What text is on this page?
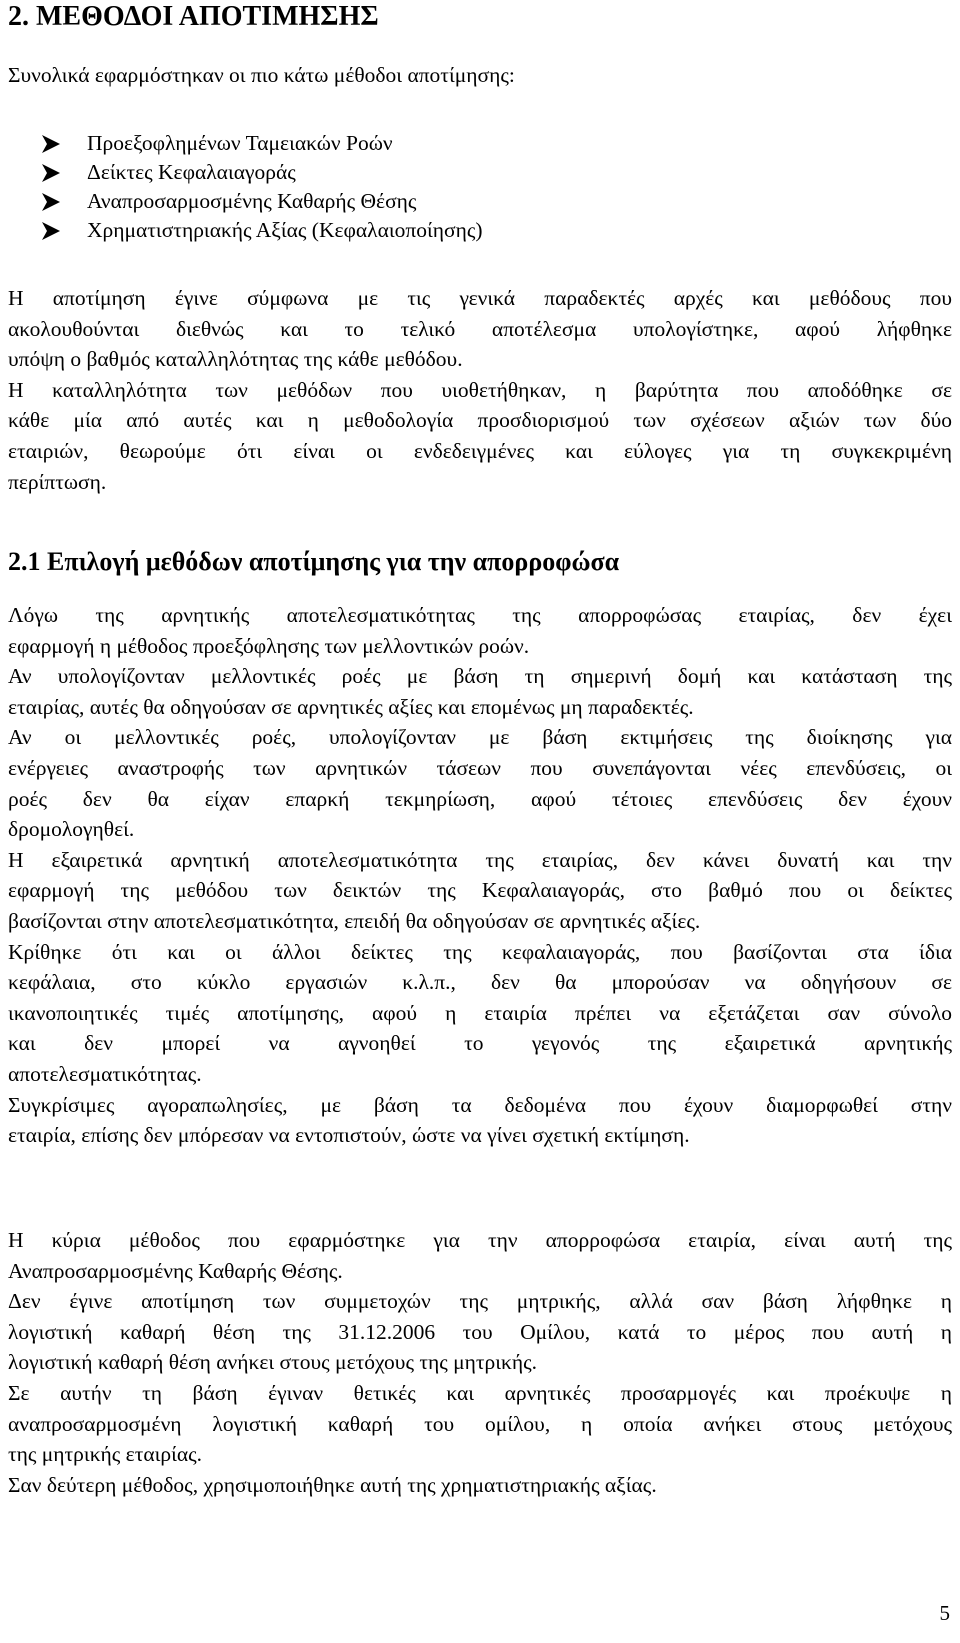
2. ΜΕΘΟΔΟΙ ΑΠΟΤΙΜΗΣΗΣ
Συνολικά εφαρμόστηκαν οι πιο κάτω μέθοδοι αποτίμησης:
Προεξοφλημένων Ταμειακών Ροών
Δείκτες Κεφαλαιαγοράς
Αναπροσαρμοσμένης Καθαρής Θέσης
Χρηματιστηριακής Αξίας (Κεφαλαιοποίησης)
Η αποτίμηση έγινε σύμφωνα με τις γενικά παραδεκτές αρχές και μεθόδους που
ακολουθούνται διεθνώς και το τελικό αποτέλεσμα υπολογίστηκε, αφού λήφθηκε
υπόψη ο βαθμός καταλληλότητας της κάθε μεθόδου.
Η καταλληλότητα των μεθόδων που υιοθετήθηκαν, η βαρύτητα που αποδόθηκε σε
κάθε μία από αυτές και η μεθοδολογία προσδιορισμού των σχέσεων αξιών των δύο
εταιριών, θεωρούμε ότι είναι οι ενδεδειγμένες και εύλογες για τη συγκεκριμένη
περίπτωση.
2.1 Επιλογή μεθόδων αποτίμησης για την απορροφώσα
Λόγω της αρνητικής αποτελεσματικότητας της απορροφώσας εταιρίας, δεν έχει
εφαρμογή η μέθοδος προεξόφλησης των μελλοντικών ροών.
Αν υπολογίζονταν μελλοντικές ροές με βάση τη σημερινή δομή και κατάσταση της
εταιρίας, αυτές θα οδηγούσαν σε αρνητικές αξίες και επομένως μη παραδεκτές.
Αν οι μελλοντικές ροές, υπολογίζονταν με βάση εκτιμήσεις της διοίκησης για
ενέργειες αναστροφής των αρνητικών τάσεων που συνεπάγονται νέες επενδύσεις, οι
ροές δεν θα είχαν επαρκή τεκμηρίωση, αφού τέτοιες επενδύσεις δεν έχουν
δρομολογηθεί.
Η εξαιρετικά αρνητική αποτελεσματικότητα της εταιρίας, δεν κάνει δυνατή και την
εφαρμογή της μεθόδου των δεικτών της Κεφαλαιαγοράς, στο βαθμό που οι δείκτες
βασίζονται στην αποτελεσματικότητα, επειδή θα οδηγούσαν σε αρνητικές αξίες.
Κρίθηκε ότι και οι άλλοι δείκτες της κεφαλαιαγοράς, που βασίζονται στα ίδια
κεφάλαια, στο κύκλο εργασιών κ.λ.π., δεν θα μπορούσαν να οδηγήσουν σε
ικανοποιητικές τιμές αποτίμησης, αφού η εταιρία πρέπει να εξετάζεται σαν σύνολο
και δεν μπορεί να αγνοηθεί το γεγονός της εξαιρετικά αρνητικής
αποτελεσματικότητας.
Συγκρίσιμες αγοραπωλησίες, με βάση τα δεδομένα που έχουν διαμορφωθεί στην
εταιρία, επίσης δεν μπόρεσαν να εντοπιστούν, ώστε να γίνει σχετική εκτίμηση.
Η κύρια μέθοδος που εφαρμόστηκε για την απορροφώσα εταιρία, είναι αυτή της
Αναπροσαρμοσμένης Καθαρής Θέσης.
Δεν έγινε αποτίμηση των συμμετοχών της μητρικής, αλλά σαν βάση λήφθηκε η
λογιστική καθαρή θέση της 31.12.2006 του Ομίλου, κατά το μέρος που αυτή η
λογιστική καθαρή θέση ανήκει στους μετόχους της μητρικής.
Σε αυτήν τη βάση έγιναν θετικές και αρνητικές προσαρμογές και προέκυψε η
αναπροσαρμοσμένη λογιστική καθαρή του ομίλου, η οποία ανήκει στους μετόχους
της μητρικής εταιρίας.
Σαν δεύτερη μέθοδος, χρησιμοποιήθηκε αυτή της χρηματιστηριακής αξίας.
5
